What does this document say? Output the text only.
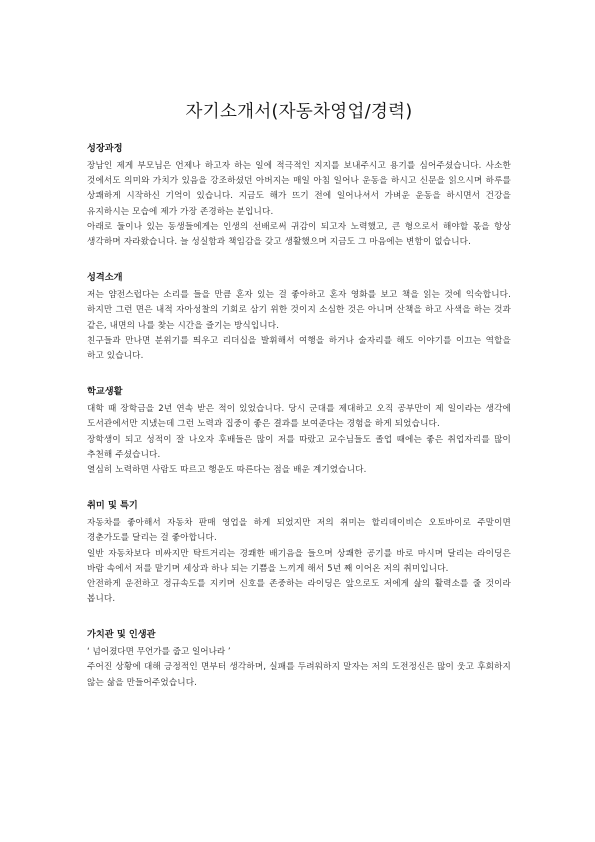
자기소개서(자동차영업/경력)
성장과정

장남인 제게 부모님은 언제나 하고자 하는 일에 적극적인 지지를 보내주시고 용기를 심어주셨습니다. 사소한 것에서도 의미와 가치가 있음을 강조하셨던 아버지는 매일 아침 일어나 운동을 하시고 신문을 읽으시며 하루를 상쾌하게 시작하신 기억이 있습니다. 지금도 해가 뜨기 전에 일어나셔서 가벼운 운동을 하시면서 건강을 유지하시는 모습에 제가 가장 존경하는 분입니다.

아래로 둘이나 있는 동생들에게는 인생의 선배로써 귀감이 되고자 노력했고, 큰 형으로서 해야할 몫을 항상 생각하며 자라왔습니다. 늘 성실함과 책임감을 갖고 생활했으며 지금도 그 마음에는 변함이 없습니다.

성격소개

저는 얌전스럽다는 소리를 들을 만큼 혼자 있는 걸 좋아하고 혼자 영화를 보고 책을 읽는 것에 익숙합니다. 하지만 그런 면은 내적 자아성찰의 기회로 삼기 위한 것이지 소심한 것은 아니며 산책을 하고 사색을 하는 것과 같은, 내면의 나를 찾는 시간을 즐기는 방식입니다.

친구들과 만나면 분위기를 띄우고 리더십을 발휘해서 여행을 하거나 술자리를 해도 이야기를 이끄는 역할을 하고 있습니다.

학교생활

대학 때 장학금을 2년 연속 받은 적이 있었습니다. 당시 군대를 제대하고 오직 공부만이 제 일이라는 생각에 도서관에서만 지냈는데 그런 노력과 집중이 좋은 결과를 보여준다는 경험을 하게 되었습니다.

장학생이 되고 성적이 잘 나오자 후배들은 많이 저를 따랐고 교수님들도 졸업 때에는 좋은 취업자리를 많이 추천해 주셨습니다.

열심히 노력하면 사람도 따르고 행운도 따른다는 점을 배운 계기였습니다.

취미 및 특기

자동차를 좋아해서 자동차 판매 영업을 하게 되었지만 저의 취미는 할리데이비슨 오토바이로 주말이면 경춘가도를 달리는 걸 좋아합니다.

일반 자동차보다 비싸지만 탁트거리는 경쾌한 배기음을 들으며 상쾌한 공기를 바로 마시며 달리는 라이딩은 바람 속에서 저를 맡기며 세상과 하나 되는 기쁨을 느끼게 해서 5년 째 이어온 저의 취미입니다.

안전하게 운전하고 정규속도를 지키며 신호를 존중하는 라이딩은 앞으로도 저에게 삶의 활력소를 줄 것이라 봅니다.

가치관 및 인생관

‘ 넘어졌다면 무언가를 줍고 일어나라 ’

주어진 상황에 대해 긍정적인 면부터 생각하며, 실패를 두려워하지 말자는 저의 도전정신은 많이 웃고 후회하지 않는 삶을 만들어주었습니다.
